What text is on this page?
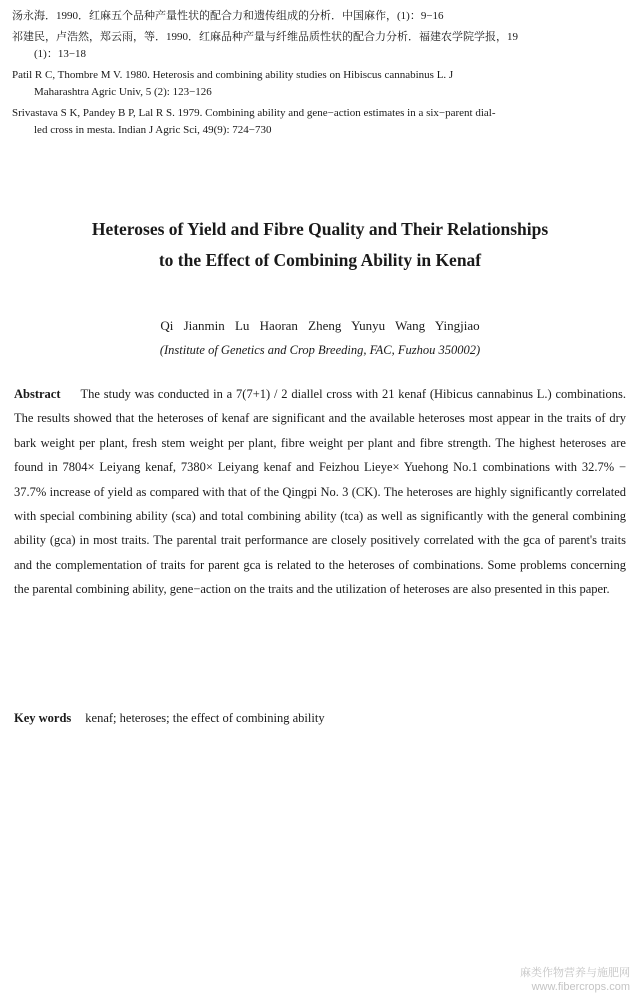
汤永海．1990．红麻五个品种产量性状的配合力和遗传组成的分析．中国麻作，(1)：9−16

祁建民，卢浩然，郑云雨，等．1990．红麻品种产量与纤维品质性状的配合力分析．福建农学院学报，19
(1)：13−18

Patil R C, Thombre M V. 1980. Heterosis and combining ability studies on Hibiscus cannabinus L. J
Maharashtra Agric Univ, 5 (2): 123−126

Srivastava S K, Pandey B P, Lal R S. 1979. Combining ability and gene−action estimates in a six−parent dial-
led cross in mesta. Indian J Agric Sci, 49(9): 724−730

Heteroses of Yield and Fibre Quality and Their Relationships
to the Effect of Combining Ability in Kenaf
Qi Jianmin Lu Haoran Zheng Yunyu Wang Yingjiao
(Institute of Genetics and Crop Breeding, FAC, Fuzhou 350002)

Abstract The study was conducted in a 7(7+1) / 2 diallel cross with 21 kenaf (Hibicus cannabinus L.) combinations. The results showed that the heteroses of kenaf are significant and the available heteroses most appear in the traits of dry bark weight per plant, fresh stem weight per plant, fibre weight per plant and fibre strength. The highest heteroses are found in 7804× Leiyang kenaf, 7380× Leiyang kenaf and Feizhou Lieye× Yuehong No.1 combinations with 32.7% − 37.7% increase of yield as compared with that of the Qingpi No. 3 (CK). The heteroses are highly significantly correlated with special combining ability (sca) and total combining ability (tca) as well as significantly with the general combining ability (gca) in most traits. The parental trait performance are closely positively correlated with the gca of parent's traits and the complementation of traits for parent gca is related to the heteroses of combinations. Some problems concerning the parental combining ability, gene−action on the traits and the utilization of heteroses are also presented in this paper.

Key words kenaf; heteroses; the effect of combining ability

麻类作物营养与施肥网
www.fibercrops.com
